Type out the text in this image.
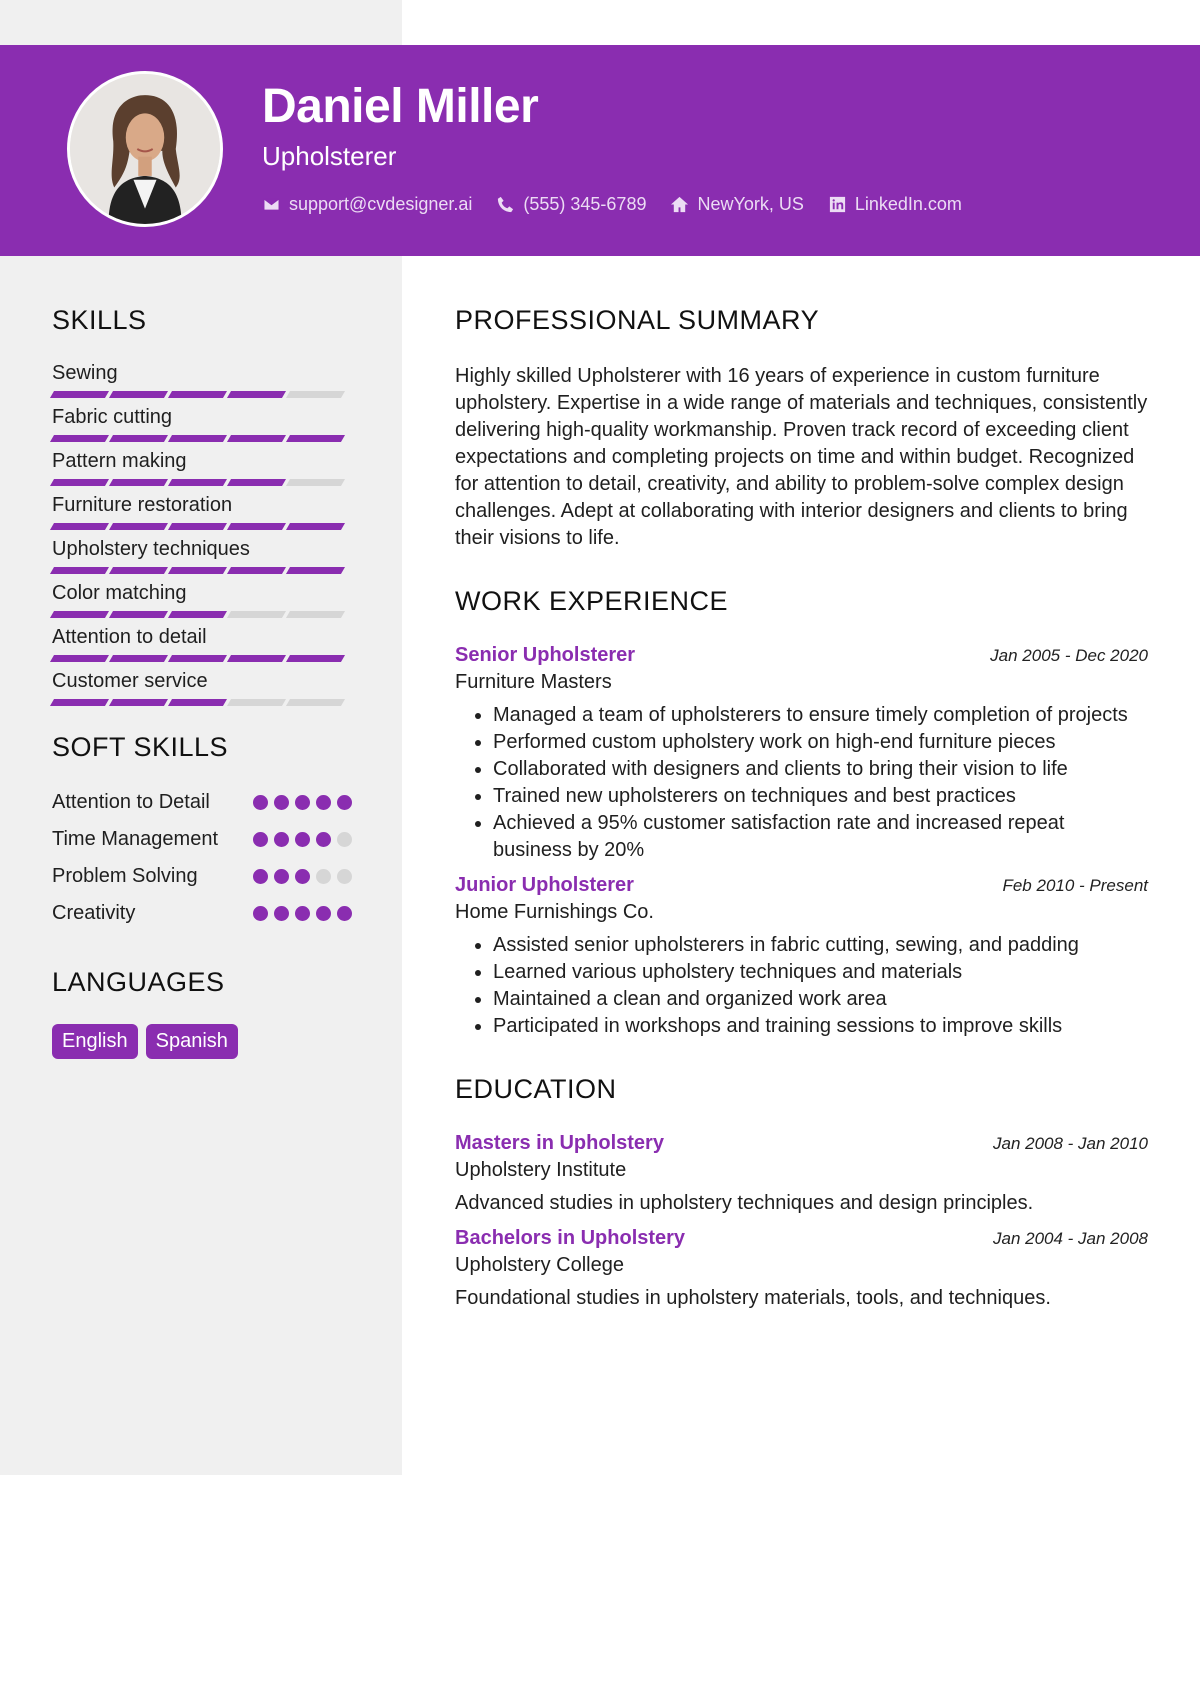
Daniel Miller
Upholsterer
support@cvdesigner.ai	(555) 345-6789	NewYork, US	LinkedIn.com
SKILLS
Sewing
Fabric cutting
Pattern making
Furniture restoration
Upholstery techniques
Color matching
Attention to detail
Customer service
SOFT SKILLS
Attention to Detail
Time Management
Problem Solving
Creativity
LANGUAGES
English	Spanish
PROFESSIONAL SUMMARY
Highly skilled Upholsterer with 16 years of experience in custom furniture upholstery. Expertise in a wide range of materials and techniques, consistently delivering high-quality workmanship. Proven track record of exceeding client expectations and completing projects on time and within budget. Recognized for attention to detail, creativity, and ability to problem-solve complex design challenges. Adept at collaborating with interior designers and clients to bring their visions to life.
WORK EXPERIENCE
Senior Upholsterer	Jan 2005 - Dec 2020
Furniture Masters
• Managed a team of upholsterers to ensure timely completion of projects
• Performed custom upholstery work on high-end furniture pieces
• Collaborated with designers and clients to bring their vision to life
• Trained new upholsterers on techniques and best practices
• Achieved a 95% customer satisfaction rate and increased repeat business by 20%
Junior Upholsterer	Feb 2010 - Present
Home Furnishings Co.
• Assisted senior upholsterers in fabric cutting, sewing, and padding
• Learned various upholstery techniques and materials
• Maintained a clean and organized work area
• Participated in workshops and training sessions to improve skills
EDUCATION
Masters in Upholstery	Jan 2008 - Jan 2010
Upholstery Institute
Advanced studies in upholstery techniques and design principles.
Bachelors in Upholstery	Jan 2004 - Jan 2008
Upholstery College
Foundational studies in upholstery materials, tools, and techniques.
